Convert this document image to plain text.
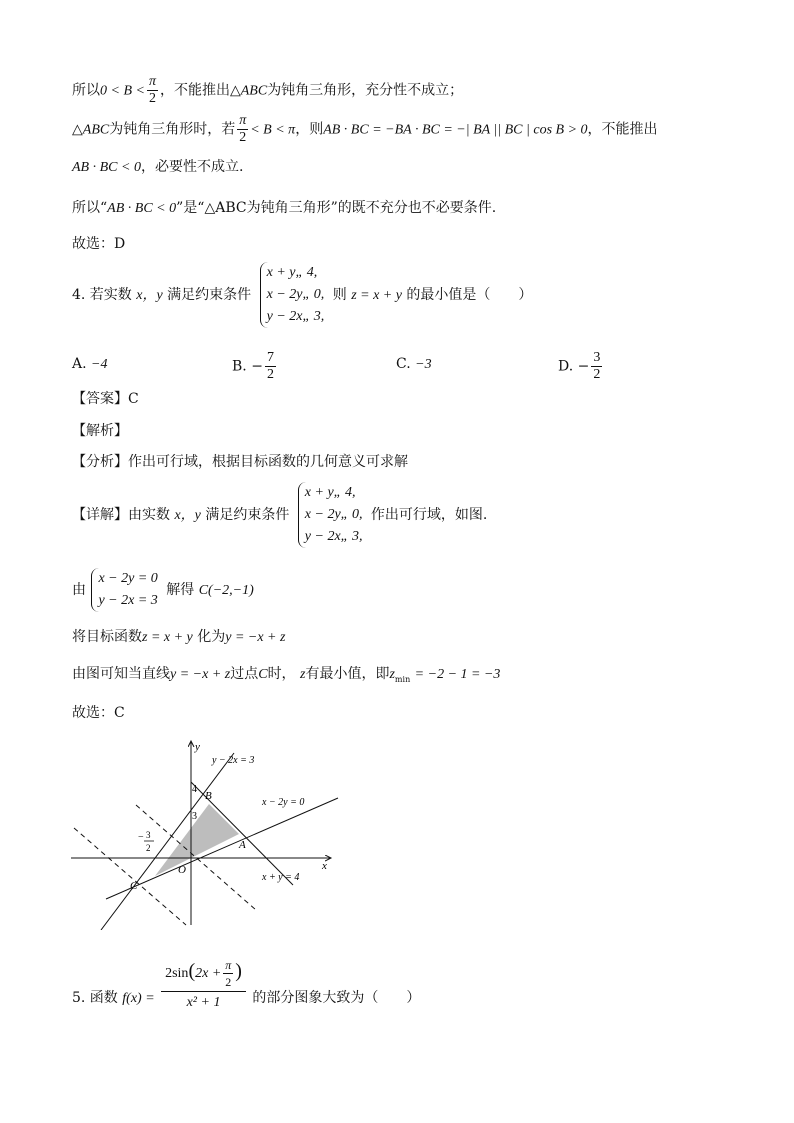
所以$0 < B < \frac{\pi}{2}$ ，不能推出△ABC为钝角三角形，充分性不成立；
△ABC为钝角三角形时，若 $\frac{\pi}{2} < B < \pi$，则AB · BC = −BA · BC = −| BA || BC | cos B > 0，不能推出
AB · BC < 0，必要性不成立.
所以“AB · BC < 0”是“△ABC为钝角三角形”的既不充分也不必要条件.
故选：D
4. 若实数 x，y 满足约束条件
x + y„ 4,
x − 2y„ 0,
y − 2x„ 3,
则 z = x + y 的最小值是（　　）
A. −4	B. − $\frac{7}{2}$	C. −3	D. − $\frac{3}{2}$
【答案】C
【解析】
【分析】作出可行域，根据目标函数的几何意义可求解
【详解】由实数 x，y 满足约束条件
x + y„ 4,
x − 2y„ 0,
y − 2x„ 3,
作出可行域，如图.
由
x − 2y = 0
y − 2x = 3
解得 C(−2,−1)
将目标函数z = x + y 化为y = −x + z
由图可知当直线y = −x + z过点C时， z有最小值，即$z_{min} = -2 - 1 = -3$
故选：C
y
x
O
y − 2x = 3
x − 2y = 0
x + y = 4
A
B
C
4
3
− 3
2
5. 函数 $f(x) = \frac{2\sin(2x + \frac{\pi}{2} )}{\text{x² + 1}}$ 的部分图象大致为（　　）
